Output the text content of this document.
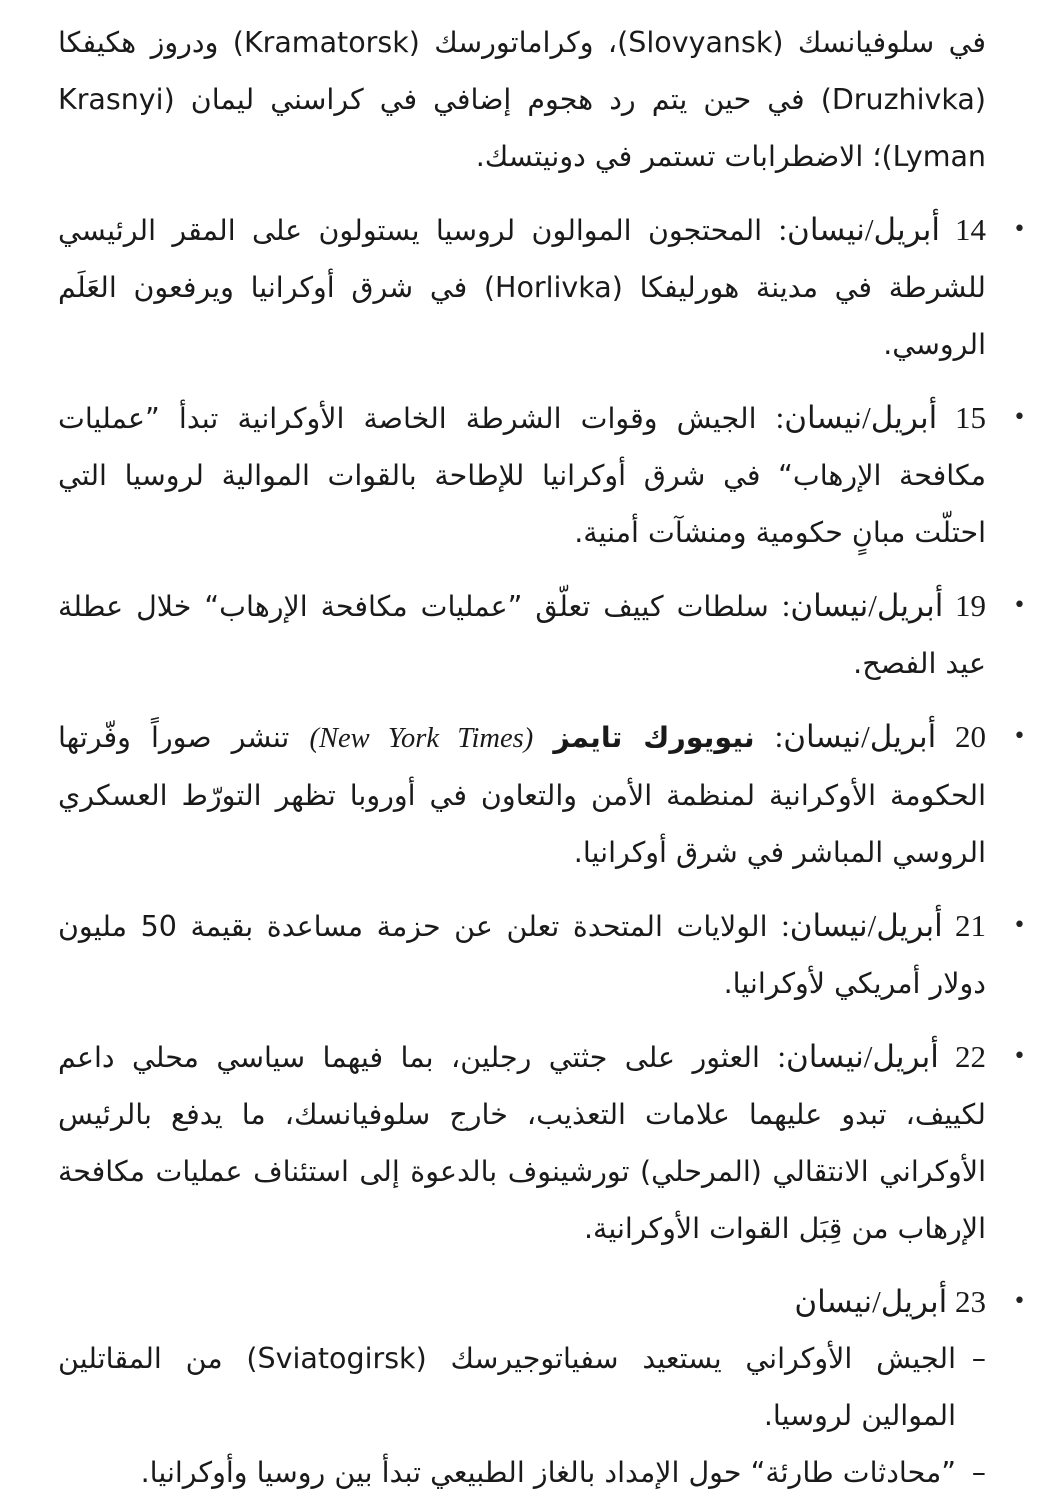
في سلوفيانسك (Slovyansk)، وكراماتورسك (Kramatorsk) ودروز هكيفكا (Druzhivka) في حين يتم رد هجوم إضافي في كراسني ليمان (Krasnyi Lyman)؛ الاضطرابات تستمر في دونيتسك.

•
14 أبريل/نيسان: المحتجون الموالون لروسيا يستولون على المقر الرئيسي للشرطة في مدينة هورليفكا (Horlivka) في شرق أوكرانيا ويرفعون العَلَم الروسي.
•
15 أبريل/نيسان: الجيش وقوات الشرطة الخاصة الأوكرانية تبدأ ”عمليات مكافحة الإرهاب“ في شرق أوكرانيا للإطاحة بالقوات الموالية لروسيا التي احتلّت مبانٍ حكومية ومنشآت أمنية.
•
19 أبريل/نيسان: سلطات كييف تعلّق ”عمليات مكافحة الإرهاب“ خلال عطلة عيد الفصح.
•
20 أبريل/نيسان: نيويورك تايمز (New York Times) تنشر صوراً وفّرتها الحكومة الأوكرانية لمنظمة الأمن والتعاون في أوروبا تظهر التورّط العسكري الروسي المباشر في شرق أوكرانيا.
•
21 أبريل/نيسان: الولايات المتحدة تعلن عن حزمة مساعدة بقيمة 50 مليون دولار أمريكي لأوكرانيا.
•
22 أبريل/نيسان: العثور على جثتي رجلين، بما فيهما سياسي محلي داعم لكييف، تبدو عليهما علامات التعذيب، خارج سلوفيانسك، ما يدفع بالرئيس الأوكراني الانتقالي (المرحلي) تورشينوف بالدعوة إلى استئناف عمليات مكافحة الإرهاب من قِبَل القوات الأوكرانية.
•
23 أبريل/نيسان
–
الجيش الأوكراني يستعيد سفياتوجيرسك (Sviatogirsk) من المقاتلين الموالين لروسيا.
–
”محادثات طارئة“ حول الإمداد بالغاز الطبيعي تبدأ بين روسيا وأوكرانيا.
